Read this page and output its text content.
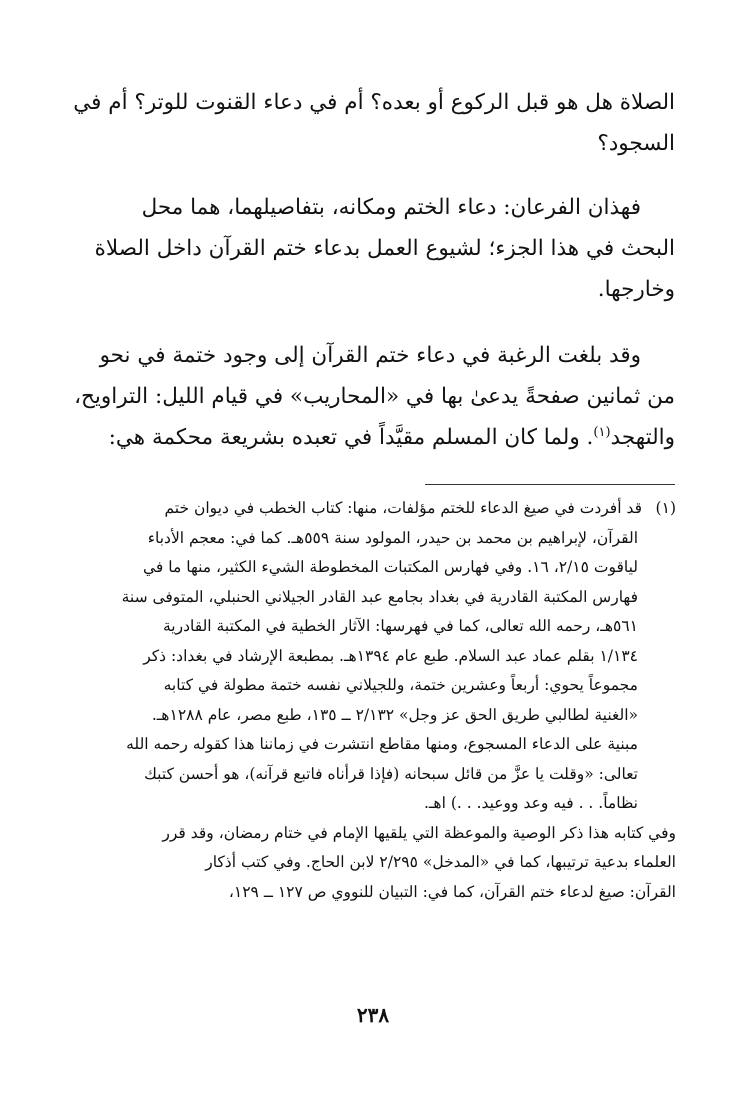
الصلاة هل هو قبل الركوع أو بعده؟ أم في دعاء القنوت للوتر؟ أم في
السجود؟
فهذان الفرعان: دعاء الختم ومكانه، بتفاصيلهما، هما محل
البحث في هذا الجزء؛ لشيوع العمل بدعاء ختم القرآن داخل الصلاة
وخارجها.
وقد بلغت الرغبة في دعاء ختم القرآن إلى وجود ختمة في نحو
من ثمانين صفحةً يدعىٰ بها في «المحاريب» في قيام الليل: التراويح،
والتهجد$^{(١)}$. ولما كان المسلم مقيَّداً في تعبده بشريعة محكمة هي:
(١)قد أفردت في صيغ الدعاء للختم مؤلفات، منها: كتاب الخطب في ديوان ختم
القرآن، لإبراهيم بن محمد بن حيدر، المولود سنة ٥٥٩هـ. كما في: معجم الأدباء
لياقوت ٢/١٥، ١٦. وفي فهارس المكتبات المخطوطة الشيء الكثير، منها ما في
فهارس المكتبة القادرية في بغداد بجامع عبد القادر الجيلاني الحنبلي، المتوفى سنة
٥٦١هـ، رحمه الله تعالى، كما في فهرسها: الآثار الخطية في المكتبة القادرية
١/١٣٤ بقلم عماد عبد السلام. طبع عام ١٣٩٤هـ. بمطبعة الإرشاد في بغداد: ذكر
مجموعاً يحوي: أربعاً وعشرين ختمة، وللجيلاني نفسه ختمة مطولة في كتابه
«الغنية لطالبي طريق الحق عز وجل» ٢/١٣٢ ــ ١٣٥، طبع مصر، عام ١٢٨٨هـ.
مبنية على الدعاء المسجوع، ومنها مقاطع انتشرت في زماننا هذا كقوله رحمه الله
تعالى: «وقلت يا عزَّ من قائل سبحانه (فإذا قرأناه فاتبع قرآنه)، هو أحسن كتبك
نظاماً. . . فيه وعد ووعيد. . .) اهـ.
وفي كتابه هذا ذكر الوصية والموعظة التي يلقيها الإمام في ختام رمضان، وقد قرر
العلماء بدعية ترتيبها، كما في «المدخل» ٢/٢٩٥ لابن الحاج. وفي كتب أذكار
القرآن: صيغ لدعاء ختم القرآن، كما في: التبيان للنووي ص ١٢٧ ــ ١٢٩،
٢٣٨
